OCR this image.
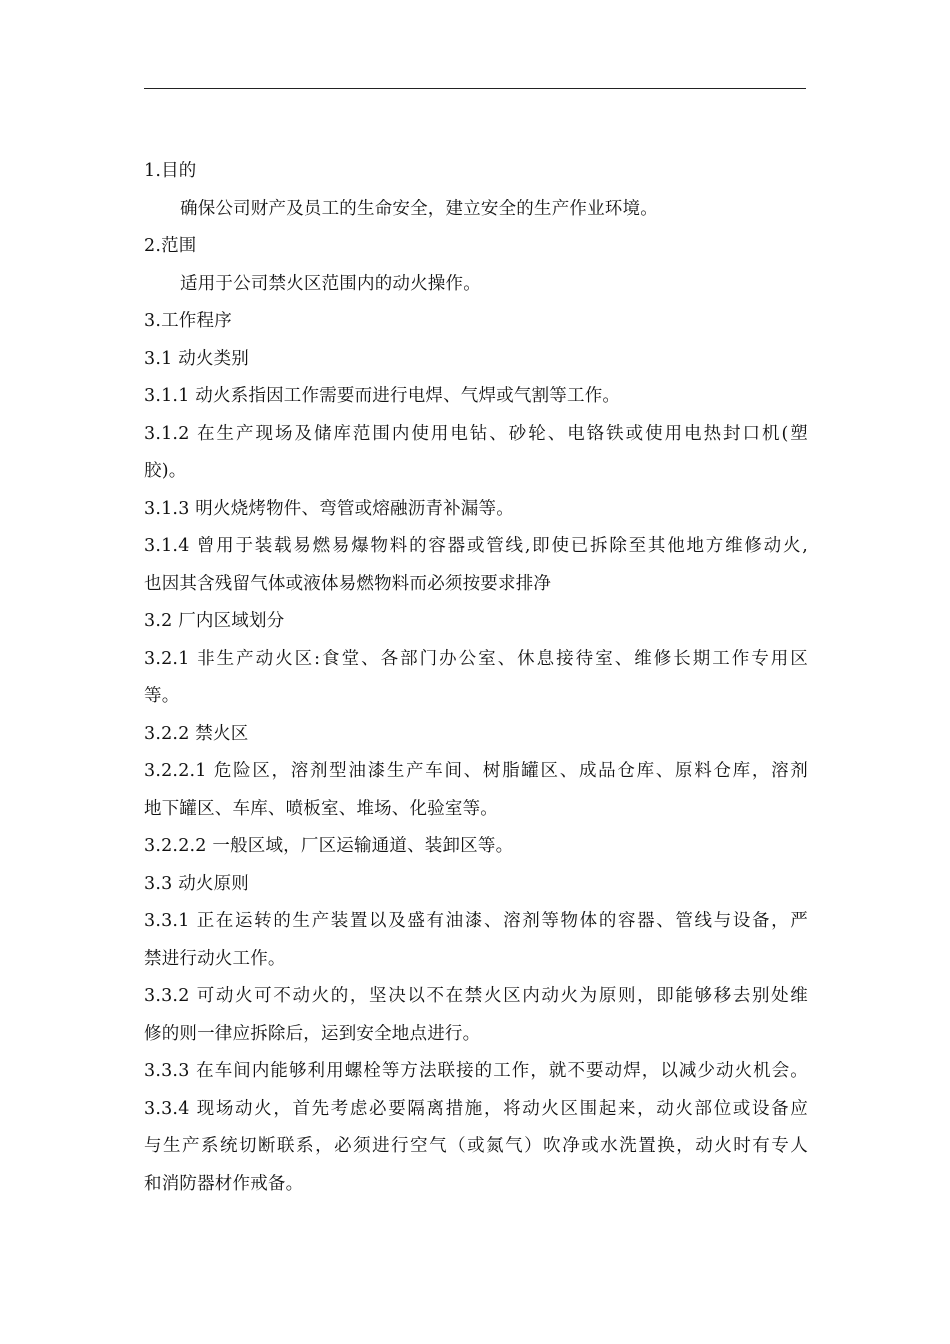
1.目的
确保公司财产及员工的生命安全，建立安全的生产作业环境。
2.范围
适用于公司禁火区范围内的动火操作。
3.工作程序
3.1 动火类别
3.1.1 动火系指因工作需要而进行电焊、气焊或气割等工作。
3.1.2 在生产现场及储库范围内使用电钻、砂轮、电铬铁或使用电热封口机(塑
胶)。
3.1.3 明火烧烤物件、弯管或熔融沥青补漏等。
3.1.4 曾用于装载易燃易爆物料的容器或管线,即使已拆除至其他地方维修动火,
也因其含残留气体或液体易燃物料而必须按要求排净
3.2 厂内区域划分
3.2.1 非生产动火区:食堂、各部门办公室、休息接待室、维修长期工作专用区
等。
3.2.2 禁火区
3.2.2.1 危险区，溶剂型油漆生产车间、树脂罐区、成品仓库、原料仓库，溶剂
地下罐区、车库、喷板室、堆场、化验室等。
3.2.2.2 一般区域，厂区运输通道、装卸区等。
3.3 动火原则
3.3.1 正在运转的生产装置以及盛有油漆、溶剂等物体的容器、管线与设备，严
禁进行动火工作。
3.3.2 可动火可不动火的，坚决以不在禁火区内动火为原则，即能够移去别处维
修的则一律应拆除后，运到安全地点进行。
3.3.3 在车间内能够利用螺栓等方法联接的工作，就不要动焊，以减少动火机会。
3.3.4 现场动火，首先考虑必要隔离措施，将动火区围起来，动火部位或设备应
与生产系统切断联系，必须进行空气（或氮气）吹净或水洗置换，动火时有专人
和消防器材作戒备。
